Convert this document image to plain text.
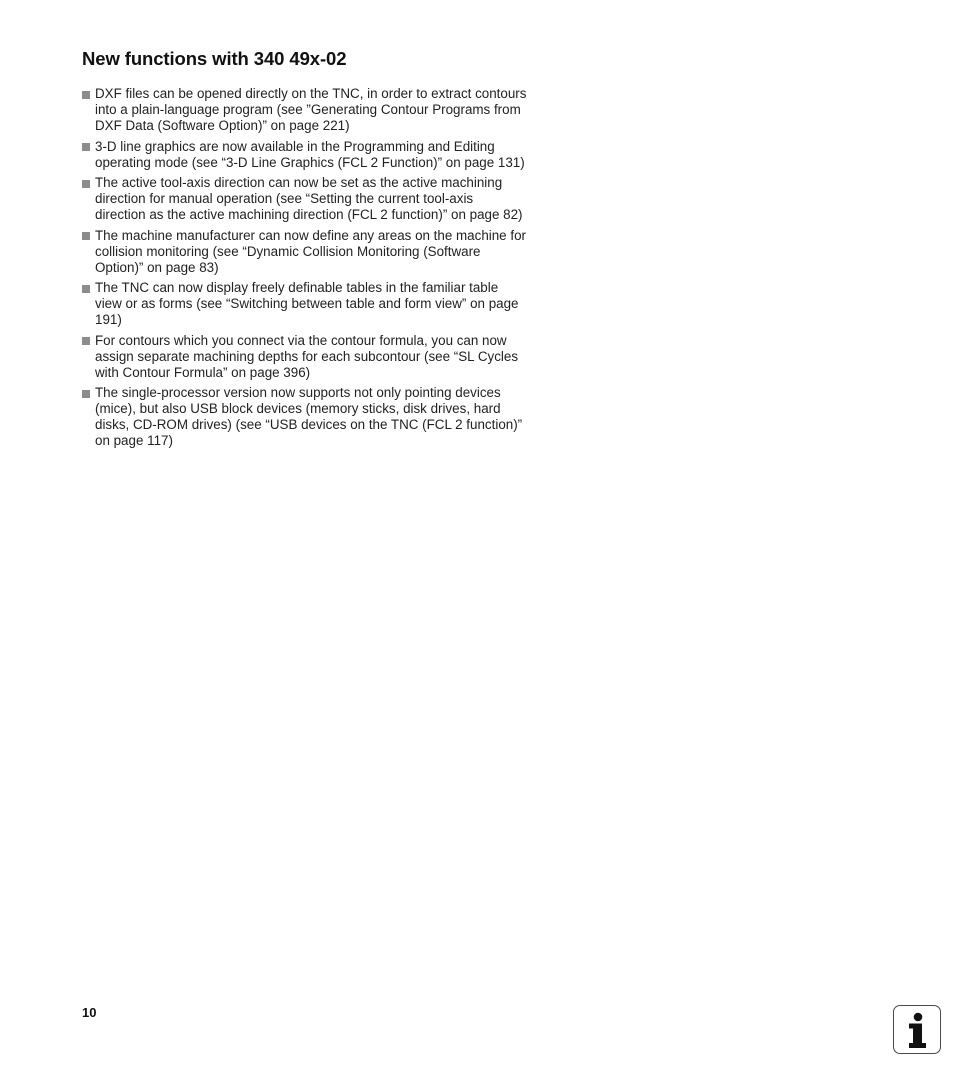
New functions with 340 49x-02
DXF files can be opened directly on the TNC, in order to extract contours into a plain-language program (see ”Generating Contour Programs from DXF Data (Software Option)” on page 221)
3-D line graphics are now available in the Programming and Editing operating mode (see “3-D Line Graphics (FCL 2 Function)” on page 131)
The active tool-axis direction can now be set as the active machining direction for manual operation (see “Setting the current tool-axis direction as the active machining direction (FCL 2 function)” on page 82)
The machine manufacturer can now define any areas on the machine for collision monitoring (see “Dynamic Collision Monitoring (Software Option)” on page 83)
The TNC can now display freely definable tables in the familiar table view or as forms (see “Switching between table and form view” on page 191)
For contours which you connect via the contour formula, you can now assign separate machining depths for each subcontour (see “SL Cycles with Contour Formula” on page 396)
The single-processor version now supports not only pointing devices (mice), but also USB block devices (memory sticks, disk drives, hard disks, CD-ROM drives) (see “USB devices on the TNC (FCL 2 function)” on page 117)
10
